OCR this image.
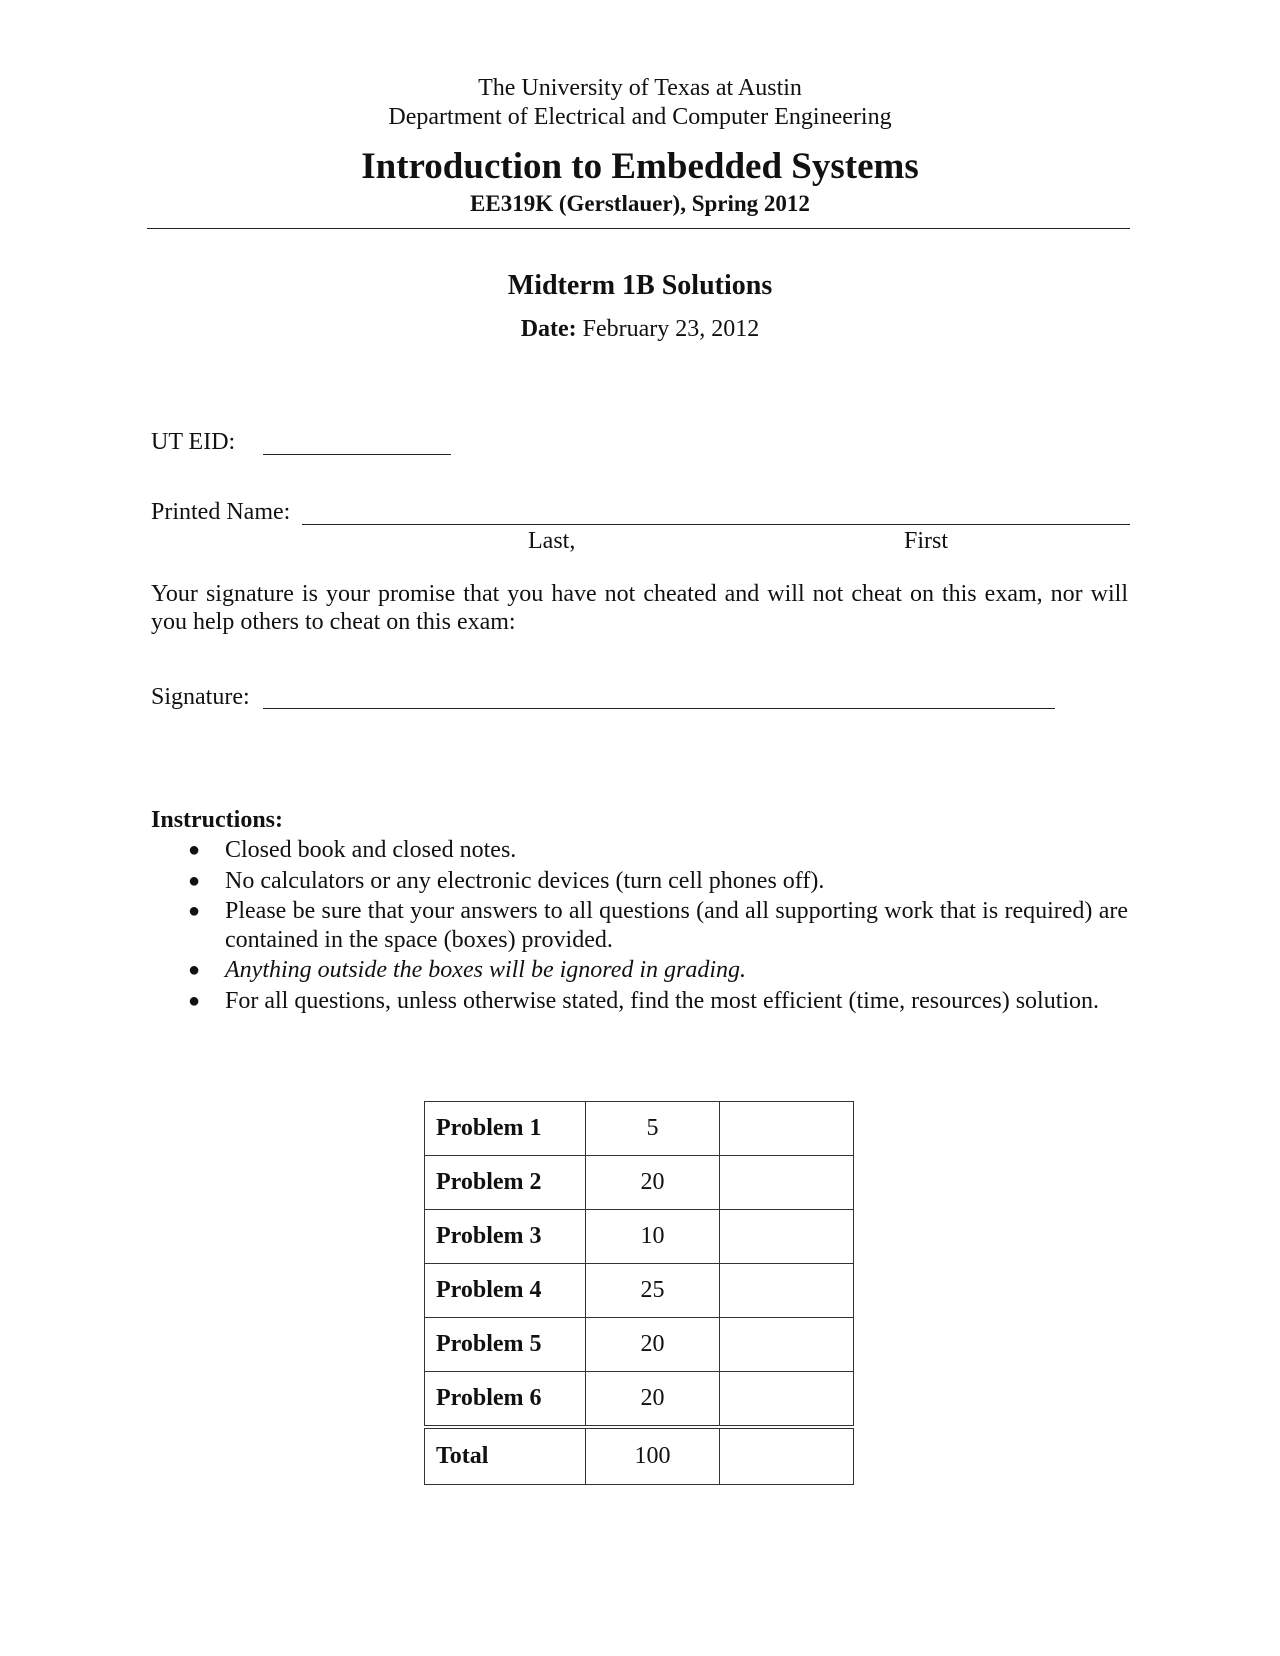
The University of Texas at Austin
Department of Electrical and Computer Engineering
Introduction to Embedded Systems
EE319K (Gerstlauer), Spring 2012
Midterm 1B Solutions
Date: February 23, 2012
UT EID:
Printed Name:
Last,	First
Your signature is your promise that you have not cheated and will not cheat on this exam, nor will you help others to cheat on this exam:
Signature:
Instructions:
● Closed book and closed notes.
● No calculators or any electronic devices (turn cell phones off).
● Please be sure that your answers to all questions (and all supporting work that is required) are contained in the space (boxes) provided.
● Anything outside the boxes will be ignored in grading.
● For all questions, unless otherwise stated, find the most efficient (time, resources) solution.
Problem 1	5	
Problem 2	20	
Problem 3	10	
Problem 4	25	
Problem 5	20	
Problem 6	20	
Total	100	
